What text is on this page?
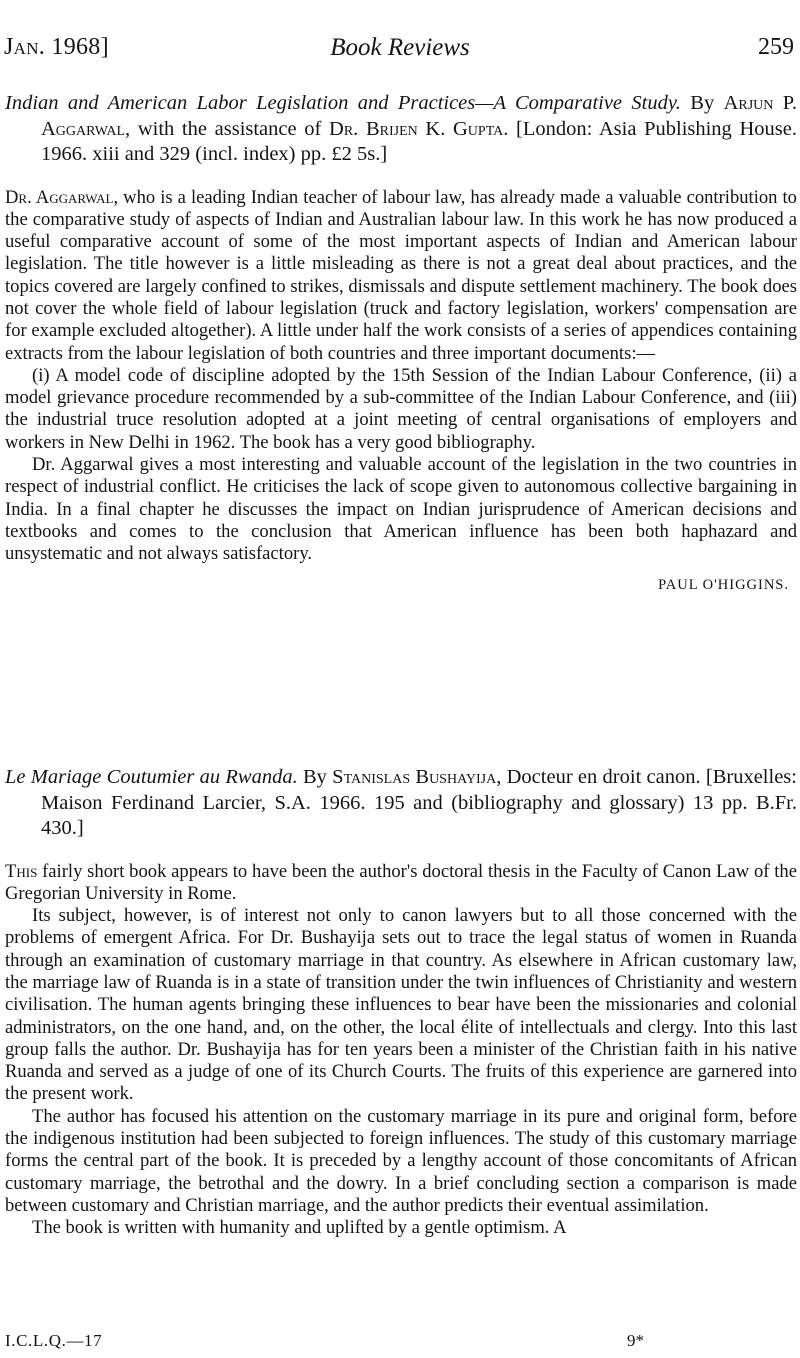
Jan. 1968]	Book Reviews	259

Indian and American Labor Legislation and Practices—A Comparative Study. By Arjun P. Aggarwal, with the assistance of Dr. Brijen K. Gupta. [London: Asia Publishing House. 1966. xiii and 329 (incl. index) pp. £2 5s.]

Dr. Aggarwal, who is a leading Indian teacher of labour law, has already made a valuable contribution to the comparative study of aspects of Indian and Australian labour law. In this work he has now produced a useful comparative account of some of the most important aspects of Indian and American labour legislation. The title however is a little misleading as there is not a great deal about practices, and the topics covered are largely confined to strikes, dismissals and dispute settlement machinery. The book does not cover the whole field of labour legislation (truck and factory legislation, workers' compensation are for example excluded altogether). A little under half the work consists of a series of appendices containing extracts from the labour legislation of both countries and three important documents:—

(i) A model code of discipline adopted by the 15th Session of the Indian Labour Conference, (ii) a model grievance procedure recommended by a sub-committee of the Indian Labour Conference, and (iii) the industrial truce resolution adopted at a joint meeting of central organisations of employers and workers in New Delhi in 1962. The book has a very good bibliography.

Dr. Aggarwal gives a most interesting and valuable account of the legislation in the two countries in respect of industrial conflict. He criticises the lack of scope given to autonomous collective bargaining in India. In a final chapter he discusses the impact on Indian jurisprudence of American decisions and textbooks and comes to the conclusion that American influence has been both haphazard and unsystematic and not always satisfactory.

PAUL O'HIGGINS.

Le Mariage Coutumier au Rwanda. By Stanislas Bushayija, Docteur en droit canon. [Bruxelles: Maison Ferdinand Larcier, S.A. 1966. 195 and (bibliography and glossary) 13 pp. B.Fr. 430.]

This fairly short book appears to have been the author's doctoral thesis in the Faculty of Canon Law of the Gregorian University in Rome.

Its subject, however, is of interest not only to canon lawyers but to all those concerned with the problems of emergent Africa. For Dr. Bushayija sets out to trace the legal status of women in Ruanda through an examination of customary marriage in that country. As elsewhere in African customary law, the marriage law of Ruanda is in a state of transition under the twin influences of Christianity and western civilisation. The human agents bringing these influences to bear have been the missionaries and colonial administrators, on the one hand, and, on the other, the local élite of intellectuals and clergy. Into this last group falls the author. Dr. Bushayija has for ten years been a minister of the Christian faith in his native Ruanda and served as a judge of one of its Church Courts. The fruits of this experience are garnered into the present work.

The author has focused his attention on the customary marriage in its pure and original form, before the indigenous institution had been subjected to foreign influences. The study of this customary marriage forms the central part of the book. It is preceded by a lengthy account of those concomitants of African customary marriage, the betrothal and the dowry. In a brief concluding section a comparison is made between customary and Christian marriage, and the author predicts their eventual assimilation.

The book is written with humanity and uplifted by a gentle optimism. A

I.C.L.Q.—17	9*
